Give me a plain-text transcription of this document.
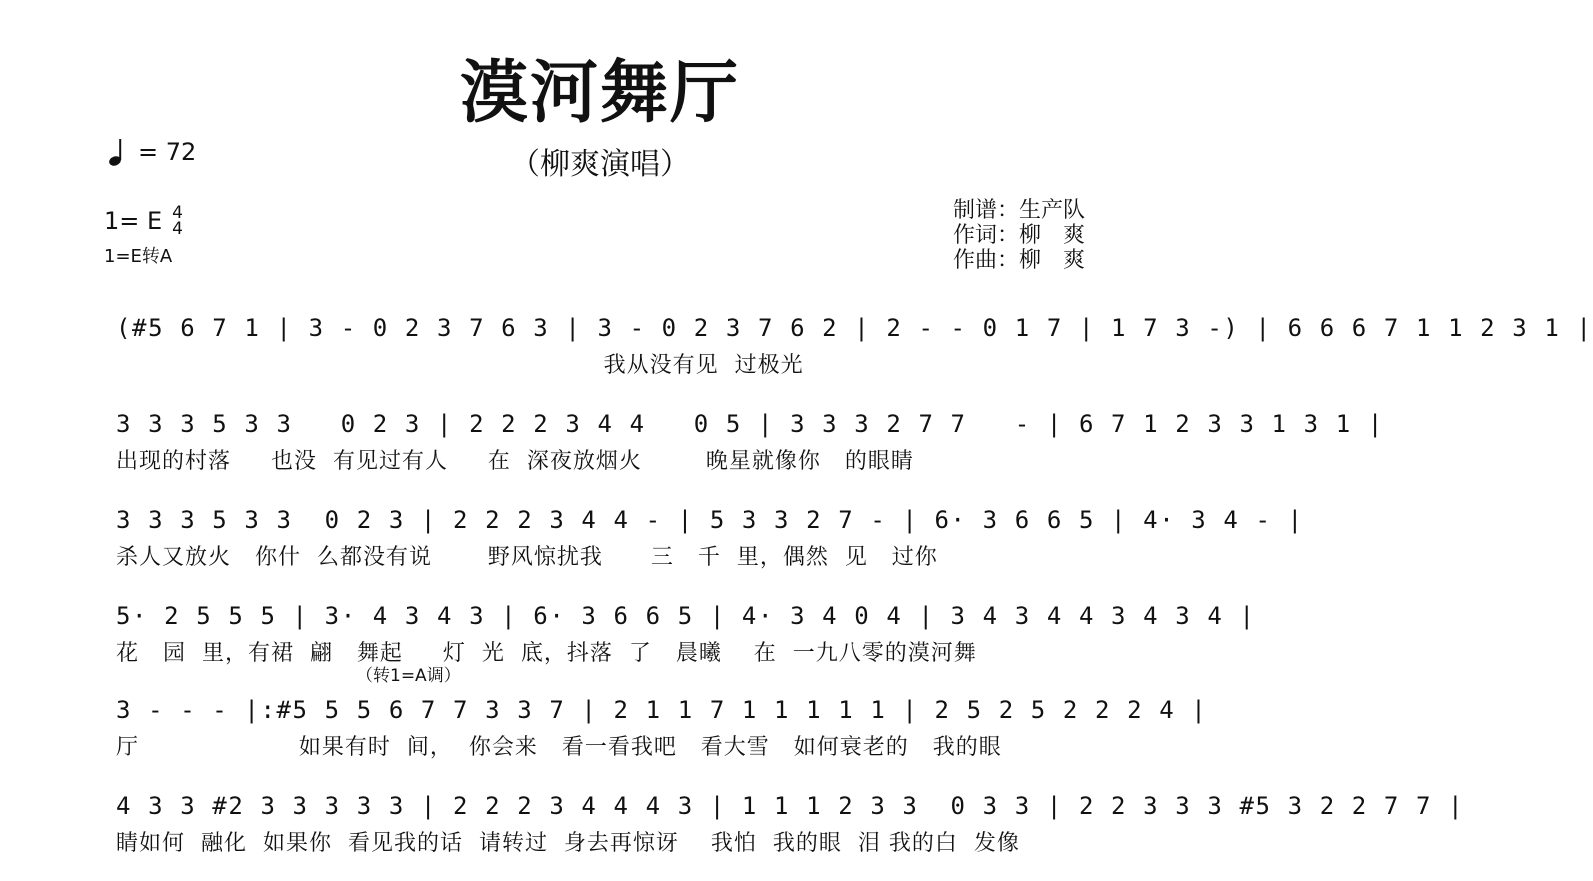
漠河舞厅
（柳爽演唱）
= 72
1= E 4
4
1=E转A
制谱： 生产队
作词： 柳　爽
作曲： 柳　爽
(#5 6 7 1 | 3 - 0 2 3 7 6 3 | 3 - 0 2 3 7 6 2 | 2 - - 0 1 7 | 1 7 3 -) | 6 6 6 7 1 1 2 3 1 |
我从没有见  过极光
3 3 3 5 3 3   0 2 3 | 2 2 2 3 4 4   0 5 | 3 3 3 2 7 7   - | 6 7 1 2 3 3 1 3 1 |
出现的村落     也没  有见过有人     在  深夜放烟火        晚星就像你   的眼睛
3 3 3 5 3 3  0 2 3 | 2 2 2 3 4 4 - | 5 3 3 2 7 - | 6· 3 6 6 5 | 4· 3 4 - |
杀人又放火   你什  么都没有说       野风惊扰我      三   千  里，偶然  见   过你
5· 2 5 5 5 | 3· 4 3 4 3 | 6· 3 6 6 5 | 4· 3 4 0 4 | 3 4 3 4 4 3 4 3 4 |
花   园  里，有裙  翩   舞起     灯  光  底，抖落  了   晨曦    在  一九八零的漠河舞
（转1=A调）
3 - - - |:#5 5 5 6 7 7 3 3 7 | 2 1 1 7 1 1 1 1 1 | 2 5 2 5 2 2 2 4 |
厅                    如果有时  间，  你会来   看一看我吧   看大雪   如何衰老的   我的眼
4 3 3 #2 3 3 3 3 3 | 2 2 2 3 4 4 4 3 | 1 1 1 2 3 3  0 3 3 | 2 2 3 3 3 #5 3 2 2 7 7 |
睛如何  融化  如果你  看见我的话  请转过  身去再惊讶    我怕  我的眼  泪 我的白  发像
